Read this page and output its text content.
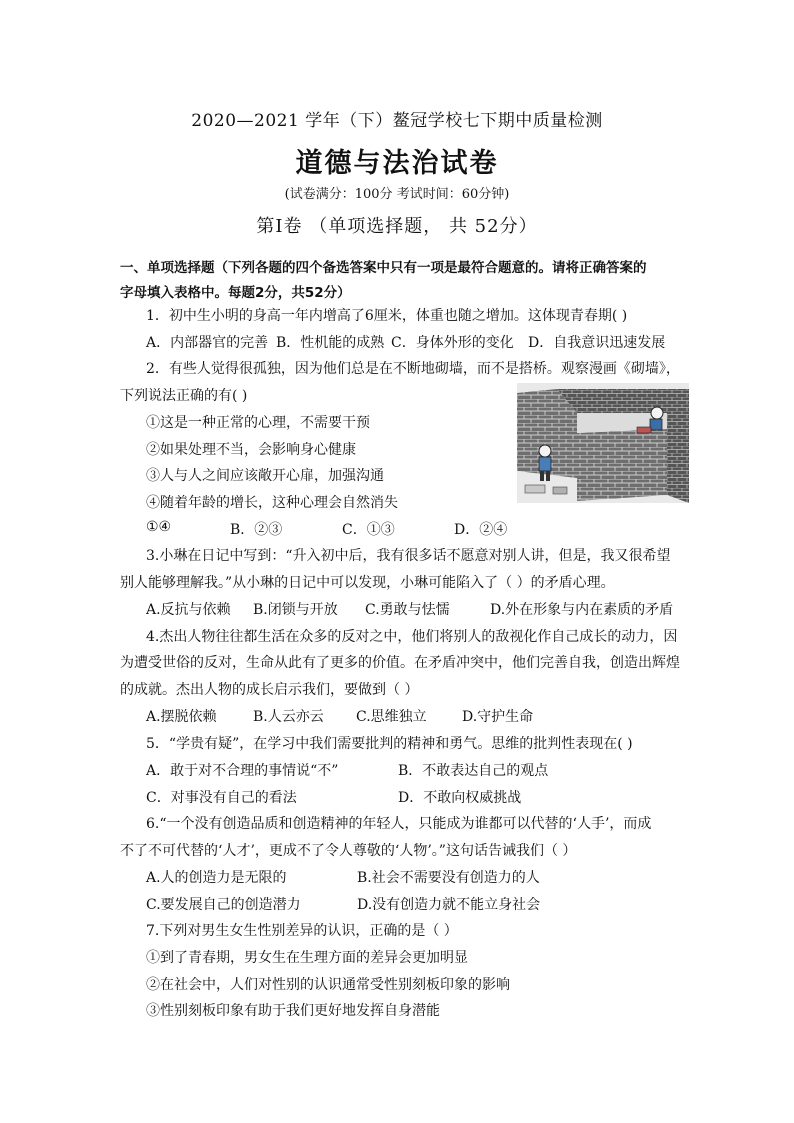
2020—2021 学年（下）鳌冠学校七下期中质量检测
道德与法治试卷
(试卷满分：100分 考试时间：60分钟)
第Ⅰ卷 （单项选择题， 共 52分）
一、单项选择题（下列各题的四个备选答案中只有一项是最符合题意的。请将正确答案的
字母填入表格中。每题2分，共52分）
1．初中生小明的身高一年内增高了6厘米，体重也随之增加。这体现青春期( )
A．内部器官的完善 B．性机能的成熟 C．身体外形的变化 D．自我意识迅速发展
2．有些人觉得很孤独，因为他们总是在不断地砌墙，而不是搭桥。观察漫画《砌墙》，
下列说法正确的有( )
①这是一种正常的心理，不需要干预
②如果处理不当，会影响身心健康
③人与人之间应该敞开心扉，加强沟通
④随着年龄的增长，这种心理会自然消失
①④	B．②③	C．①③	D．②④
3.小琳在日记中写到：“升入初中后，我有很多话不愿意对别人讲，但是，我又很希望
别人能够理解我。”从小琳的日记中可以发现，小琳可能陷入了（ ）的矛盾心理。
A.反抗与依赖 B.闭锁与开放 C.勇敢与怯懦	D.外在形象与内在素质的矛盾
4.杰出人物往往都生活在众多的反对之中，他们将别人的敌视化作自己成长的动力，因
为遭受世俗的反对，生命从此有了更多的价值。在矛盾冲突中，他们完善自我，创造出辉煌
的成就。杰出人物的成长启示我们，要做到（ ）
A.摆脱依赖	B.人云亦云 C.思维独立	D.守护生命
5．“学贵有疑”，在学习中我们需要批判的精神和勇气。思维的批判性表现在( )
A．敢于对不合理的事情说“不”	B．不敢表达自己的观点
C．对事没有自己的看法	D．不敢向权威挑战
6.“一个没有创造品质和创造精神的年轻人，只能成为谁都可以代替的‘人手’，而成
不了不可代替的‘人才’，更成不了令人尊敬的‘人物’。”这句话告诫我们（ ）
A.人的创造力是无限的	B.社会不需要没有创造力的人
C.要发展自己的创造潜力	D.没有创造力就不能立身社会
7.下列对男生女生性别差异的认识，正确的是（ ）
①到了青春期，男女生在生理方面的差异会更加明显
②在社会中，人们对性别的认识通常受性别刻板印象的影响
③性别刻板印象有助于我们更好地发挥自身潜能
